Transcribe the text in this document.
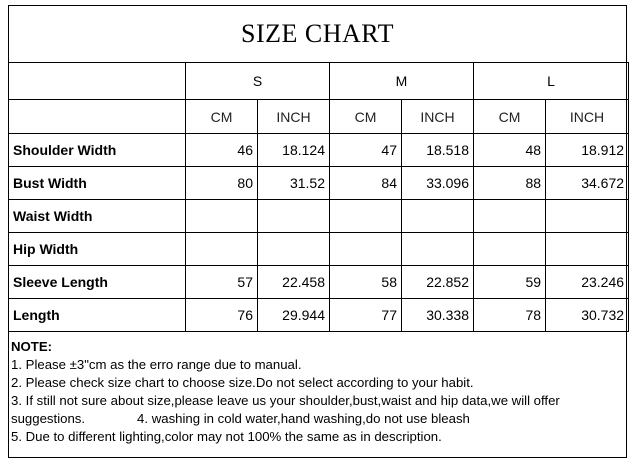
SIZE CHART
	S		M		L	
	CM	INCH	CM	INCH	CM	INCH
Shoulder Width	46	18.124	47	18.518	48	18.912
Bust Width	80	31.52	84	33.096	88	34.672
Waist Width						
Hip Width						
Sleeve Length	57	22.458	58	22.852	59	23.246
Length	76	29.944	77	30.338	78	30.732
NOTE:
1. Please ±3"cm as the erro range due to manual.
2. Please check size chart to choose size.Do not select according to your habit.
3. If still not sure about size,please leave us your shoulder,bust,waist and hip data,we will offer
suggestions.	4. washing in cold water,hand washing,do not use bleash
5. Due to different lighting,color may not 100% the same as in description.
